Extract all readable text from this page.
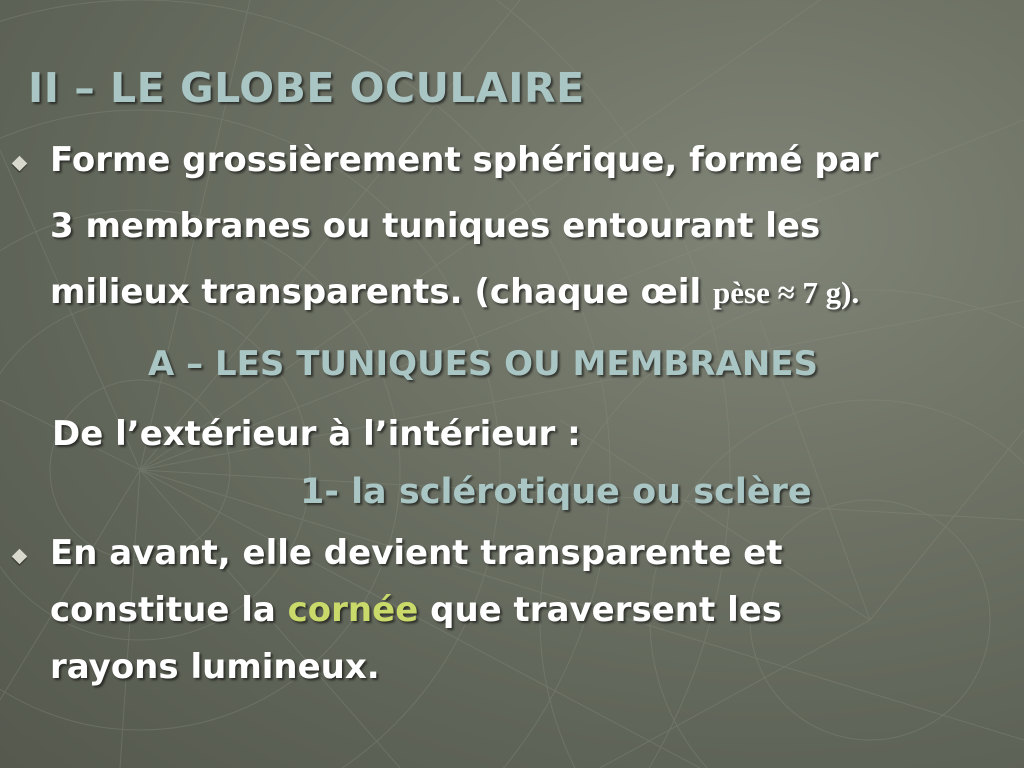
II – LE GLOBE OCULAIRE

Forme grossièrement sphérique, formé par

3 membranes ou tuniques entourant les

milieux transparents. (chaque œil pèse ≈ 7 g).

A – LES TUNIQUES OU MEMBRANES

De l’extérieur à l’intérieur :

1- la sclérotique ou sclère

En avant, elle devient transparente et

constitue la cornée que traversent les

rayons lumineux.
